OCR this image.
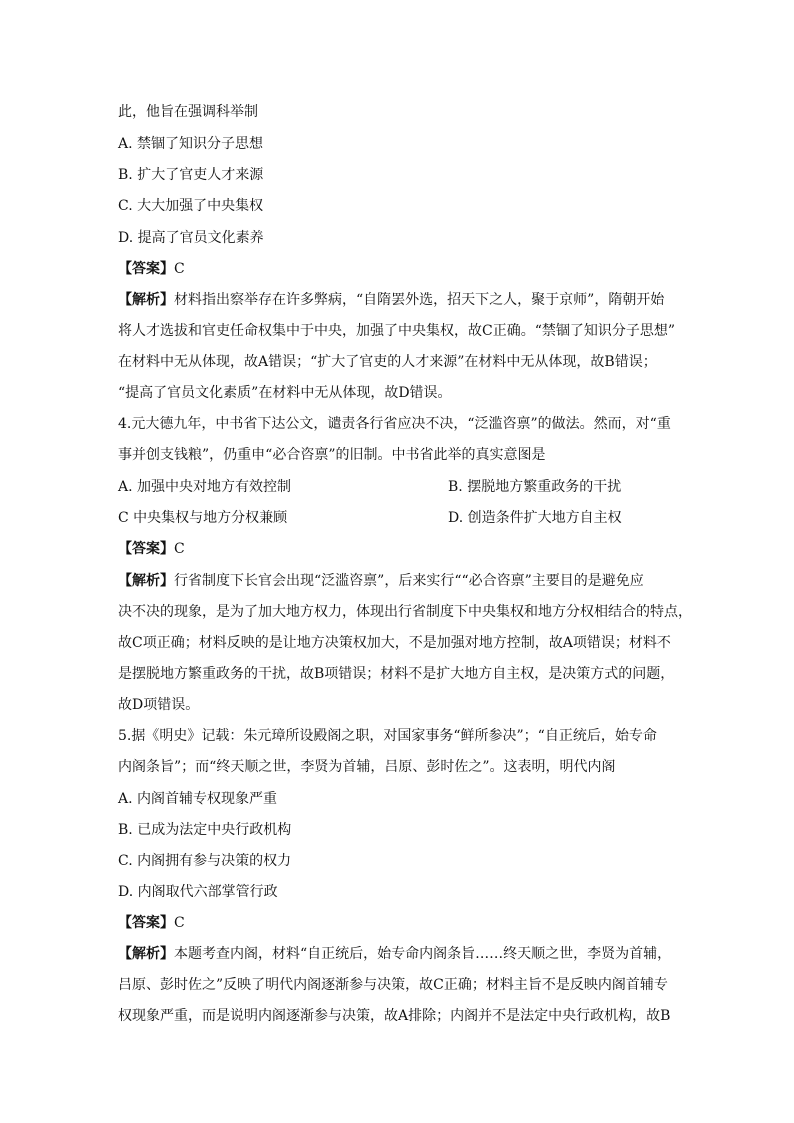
此，他旨在强调科举制
A. 禁锢了知识分子思想
B. 扩大了官吏人才来源
C. 大大加强了中央集权
D. 提高了官员文化素养
【答案】C
【解析】材料指出察举存在许多弊病，“自隋罢外选，招天下之人，聚于京师”，隋朝开始
将人才选拔和官吏任命权集中于中央，加强了中央集权，故C正确。“禁锢了知识分子思想”
在材料中无从体现，故A错误；“扩大了官吏的人才来源”在材料中无从体现，故B错误；
“提高了官员文化素质”在材料中无从体现，故D错误。
4.元大德九年，中书省下达公文，谴责各行省应决不决，“泛滥咨禀”的做法。然而，对“重
事并创支钱粮”，仍重申“必合咨禀”的旧制。中书省此举的真实意图是
A. 加强中央对地方有效控制	B. 摆脱地方繁重政务的干扰
C 中央集权与地方分权兼顾	D. 创造条件扩大地方自主权
【答案】C
【解析】行省制度下长官会出现“泛滥咨禀”，后来实行““必合咨禀”主要目的是避免应
决不决的现象，是为了加大地方权力，体现出行省制度下中央集权和地方分权相结合的特点，
故C项正确；材料反映的是让地方决策权加大，不是加强对地方控制，故A项错误；材料不
是摆脱地方繁重政务的干扰，故B项错误；材料不是扩大地方自主权，是决策方式的问题，
故D项错误。
5.据《明史》记载：朱元璋所设殿阁之职，对国家事务“鲜所参决”；“自正统后，始专命
内阁条旨”；而“终天顺之世，李贤为首辅，吕原、彭时佐之”。这表明，明代内阁
A. 内阁首辅专权现象严重
B. 已成为法定中央行政机构
C. 内阁拥有参与决策的权力
D. 内阁取代六部掌管行政
【答案】C
【解析】本题考查内阁，材料“自正统后，始专命内阁条旨……终天顺之世，李贤为首辅，
吕原、彭时佐之”反映了明代内阁逐渐参与决策，故C正确；材料主旨不是反映内阁首辅专
权现象严重，而是说明内阁逐渐参与决策，故A排除；内阁并不是法定中央行政机构，故B
